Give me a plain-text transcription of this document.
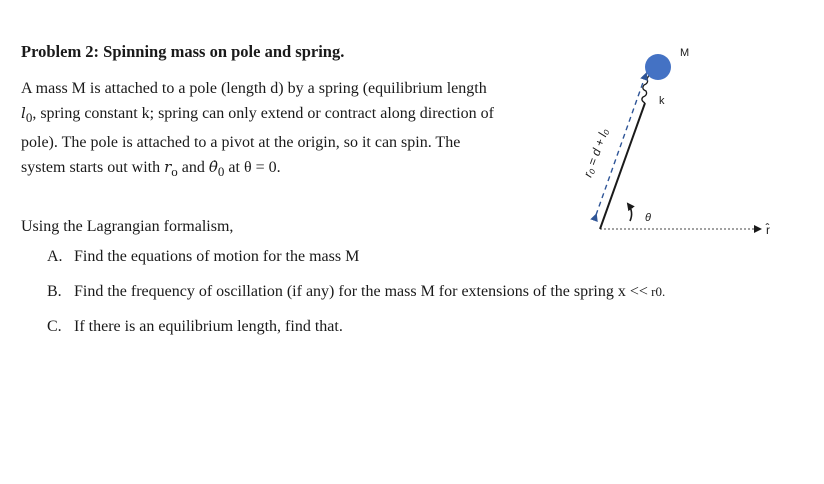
Problem 2: Spinning mass on pole and spring.

A mass M is attached to a pole (length d) by a spring (equilibrium length
$l_0$, spring constant k; spring can only extend or contract along direction of
pole). The pole is attached to a pivot at the origin, so it can spin. The
system starts out with $r_o$ and $\thetȧ_0$ at θ = 0.

Using the Lagrangian formalism,

A. Find the equations of motion for the mass M
B. Find the frequency of oscillation (if any) for the mass M for extensions of the spring x << r0.
C. If there is an equilibrium length, find that.
M
k
θ
r̂
r₀ = d + l₀
